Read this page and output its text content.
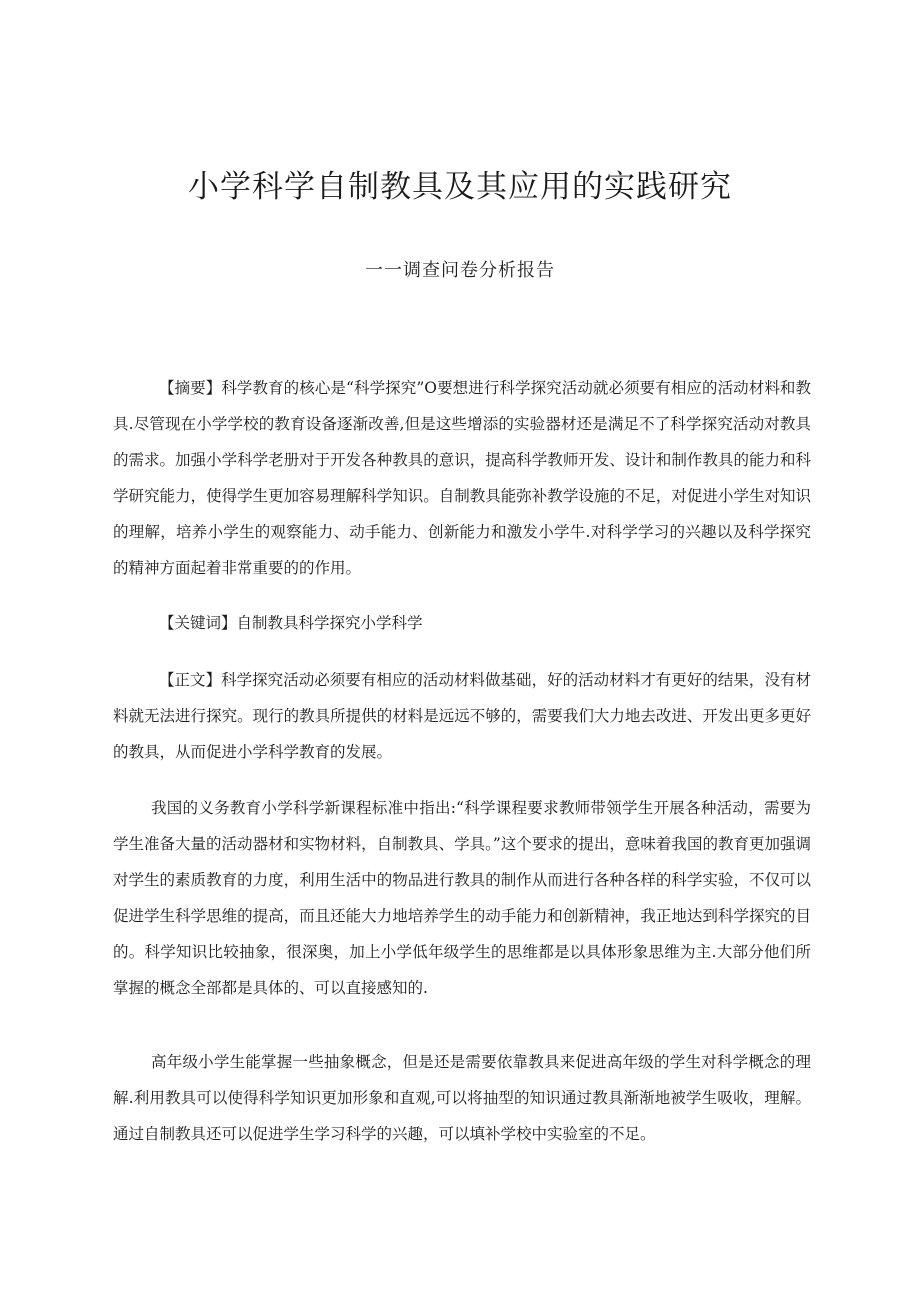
小学科学自制教具及其应用的实践研究
一一调查问卷分析报告

【摘要】科学教育的核心是“科学探究”O要想进行科学探究活动就必须要有相应的活动材料和教具.尽管现在小学学校的教育设备逐渐改善,但是这些增添的实验器材还是满足不了科学探究活动对教具的需求。加强小学科学老册对于开发各种教具的意识，提高科学教师开发、设计和制作教具的能力和科学研究能力，使得学生更加容易理解科学知识。自制教具能弥补教学设施的不足，对促进小学生对知识的理解，培养小学生的观察能力、动手能力、创新能力和激发小学牛.对科学学习的兴趣以及科学探究的精神方面起着非常重要的的作用。

【关键词】自制教具科学探究小学科学

【正文】科学探究活动必须要有相应的活动材料做基础，好的活动材料才有更好的结果，没有材料就无法进行探究。现行的教具所提供的材料是远远不够的，需要我们大力地去改进、开发出更多更好的教具，从而促进小学科学教育的发展。

我国的义务教育小学科学新课程标准中指出:“科学课程要求教师带领学生开展各种活动，需要为学生准备大量的活动器材和实物材料，自制教具、学具。”这个要求的提出，意味着我国的教育更加强调对学生的素质教育的力度，利用生活中的物品进行教具的制作从而进行各种各样的科学实验，不仅可以促进学生科学思维的提高，而且还能大力地培养学生的动手能力和创新精神，我正地达到科学探究的目的。科学知识比较抽象，很深奥，加上小学低年级学生的思维都是以具体形象思维为主.大部分他们所掌握的概念全部都是具体的、可以直接感知的.

高年级小学生能掌握一些抽象概念，但是还是需要依靠教具来促进高年级的学生对科学概念的理解.利用教具可以使得科学知识更加形象和直观,可以将抽型的知识通过教具渐渐地被学生吸收，理解。通过自制教具还可以促进学生学习科学的兴趣，可以填补学校中实验室的不足。
